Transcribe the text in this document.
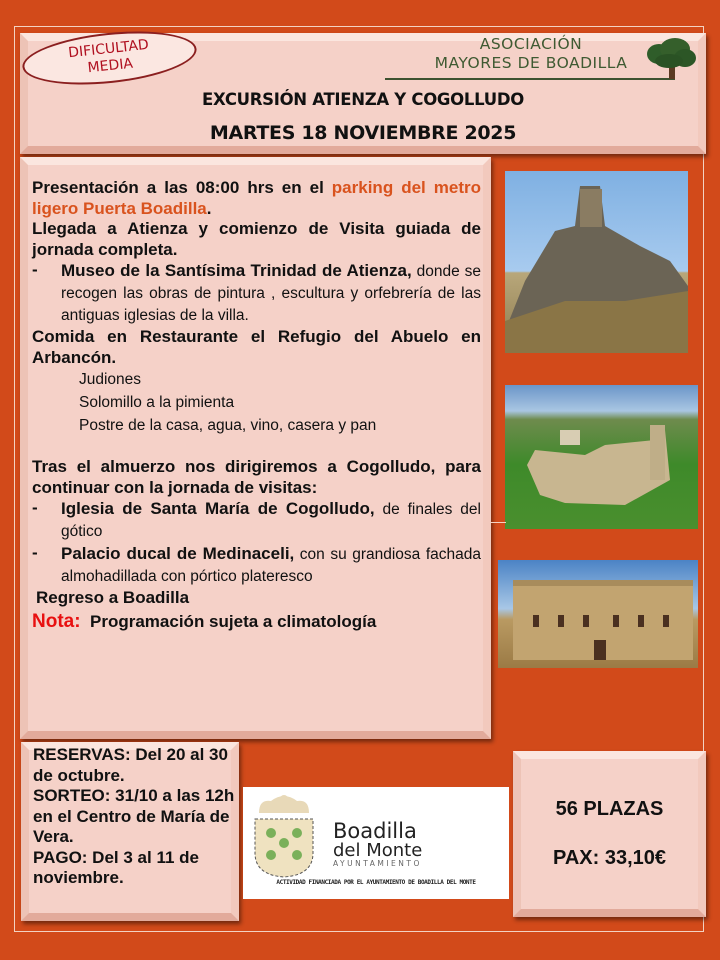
DIFICULTAD
MEDIA
ASOCIACIÓN
MAYORES DE BOADILLA
EXCURSIÓN ATIENZA Y COGOLLUDO
MARTES 18 NOVIEMBRE 2025
Presentación a las 08:00 hrs en el parking del metro ligero Puerta Boadilla.
Llegada a Atienza y comienzo de Visita guiada de jornada completa.
-	Museo de la Santísima Trinidad de Atienza, donde se recogen las obras de pintura , escultura y orfebrería de las antiguas iglesias de la villa.
Comida en Restaurante el Refugio del Abuelo en Arbancón.
Judiones
Solomillo a la pimienta
Postre de la casa, agua, vino, casera y pan
Tras el almuerzo nos dirigiremos a Cogolludo, para continuar con la jornada de visitas:
-	Iglesia de Santa María de Cogolludo, de finales del gótico
-	Palacio ducal de Medinaceli, con su grandiosa fachada almohadillada con pórtico plateresco
Regreso a Boadilla
Nota: Programación sujeta a climatología
RESERVAS: Del 20 al 30 de octubre.
SORTEO: 31/10 a las 12h en el Centro de María de Vera.
PAGO: Del 3 al 11 de noviembre.
Boadilla
del Monte
AYUNTAMIENTO
ACTIVIDAD FINANCIADA POR EL AYUNTAMIENTO DE BOADILLA DEL MONTE
56 PLAZAS
PAX: 33,10€
